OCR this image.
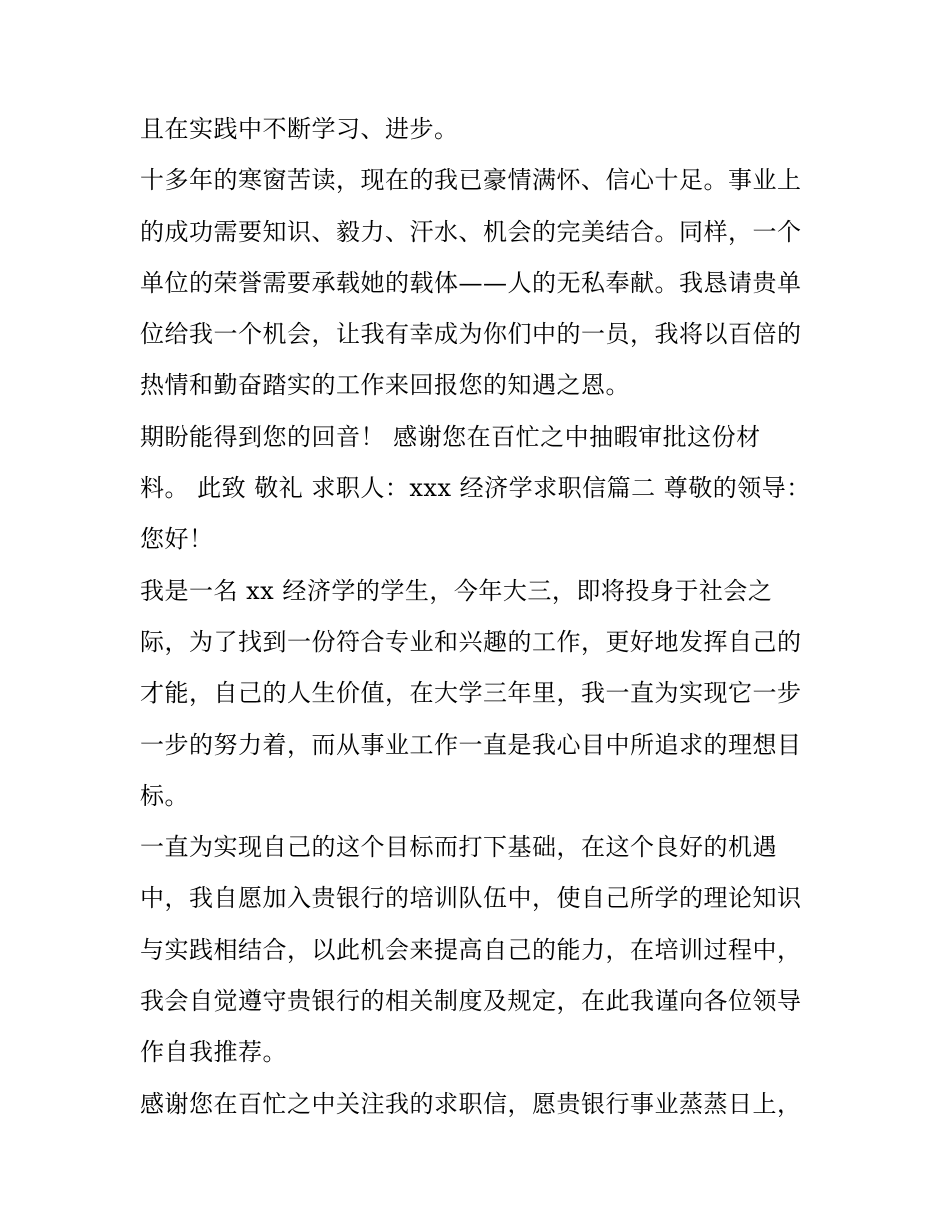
且在实践中不断学习、进步。
十多年的寒窗苦读，现在的我已豪情满怀、信心十足。事业上
的成功需要知识、毅力、汗水、机会的完美结合。同样，一个
单位的荣誉需要承载她的载体——人的无私奉献。我恳请贵单
位给我一个机会，让我有幸成为你们中的一员，我将以百倍的
热情和勤奋踏实的工作来回报您的知遇之恩。
期盼能得到您的回音！ 感谢您在百忙之中抽暇审批这份材
料。 此致 敬礼 求职人：xxx 经济学求职信篇二 尊敬的领导：
您好！
我是一名 xx 经济学的学生，今年大三，即将投身于社会之
际，为了找到一份符合专业和兴趣的工作，更好地发挥自己的
才能，自己的人生价值，在大学三年里，我一直为实现它一步
一步的努力着，而从事业工作一直是我心目中所追求的理想目
标。
一直为实现自己的这个目标而打下基础，在这个良好的机遇
中，我自愿加入贵银行的培训队伍中，使自己所学的理论知识
与实践相结合，以此机会来提高自己的能力，在培训过程中，
我会自觉遵守贵银行的相关制度及规定，在此我谨向各位领导
作自我推荐。
感谢您在百忙之中关注我的求职信，愿贵银行事业蒸蒸日上，
